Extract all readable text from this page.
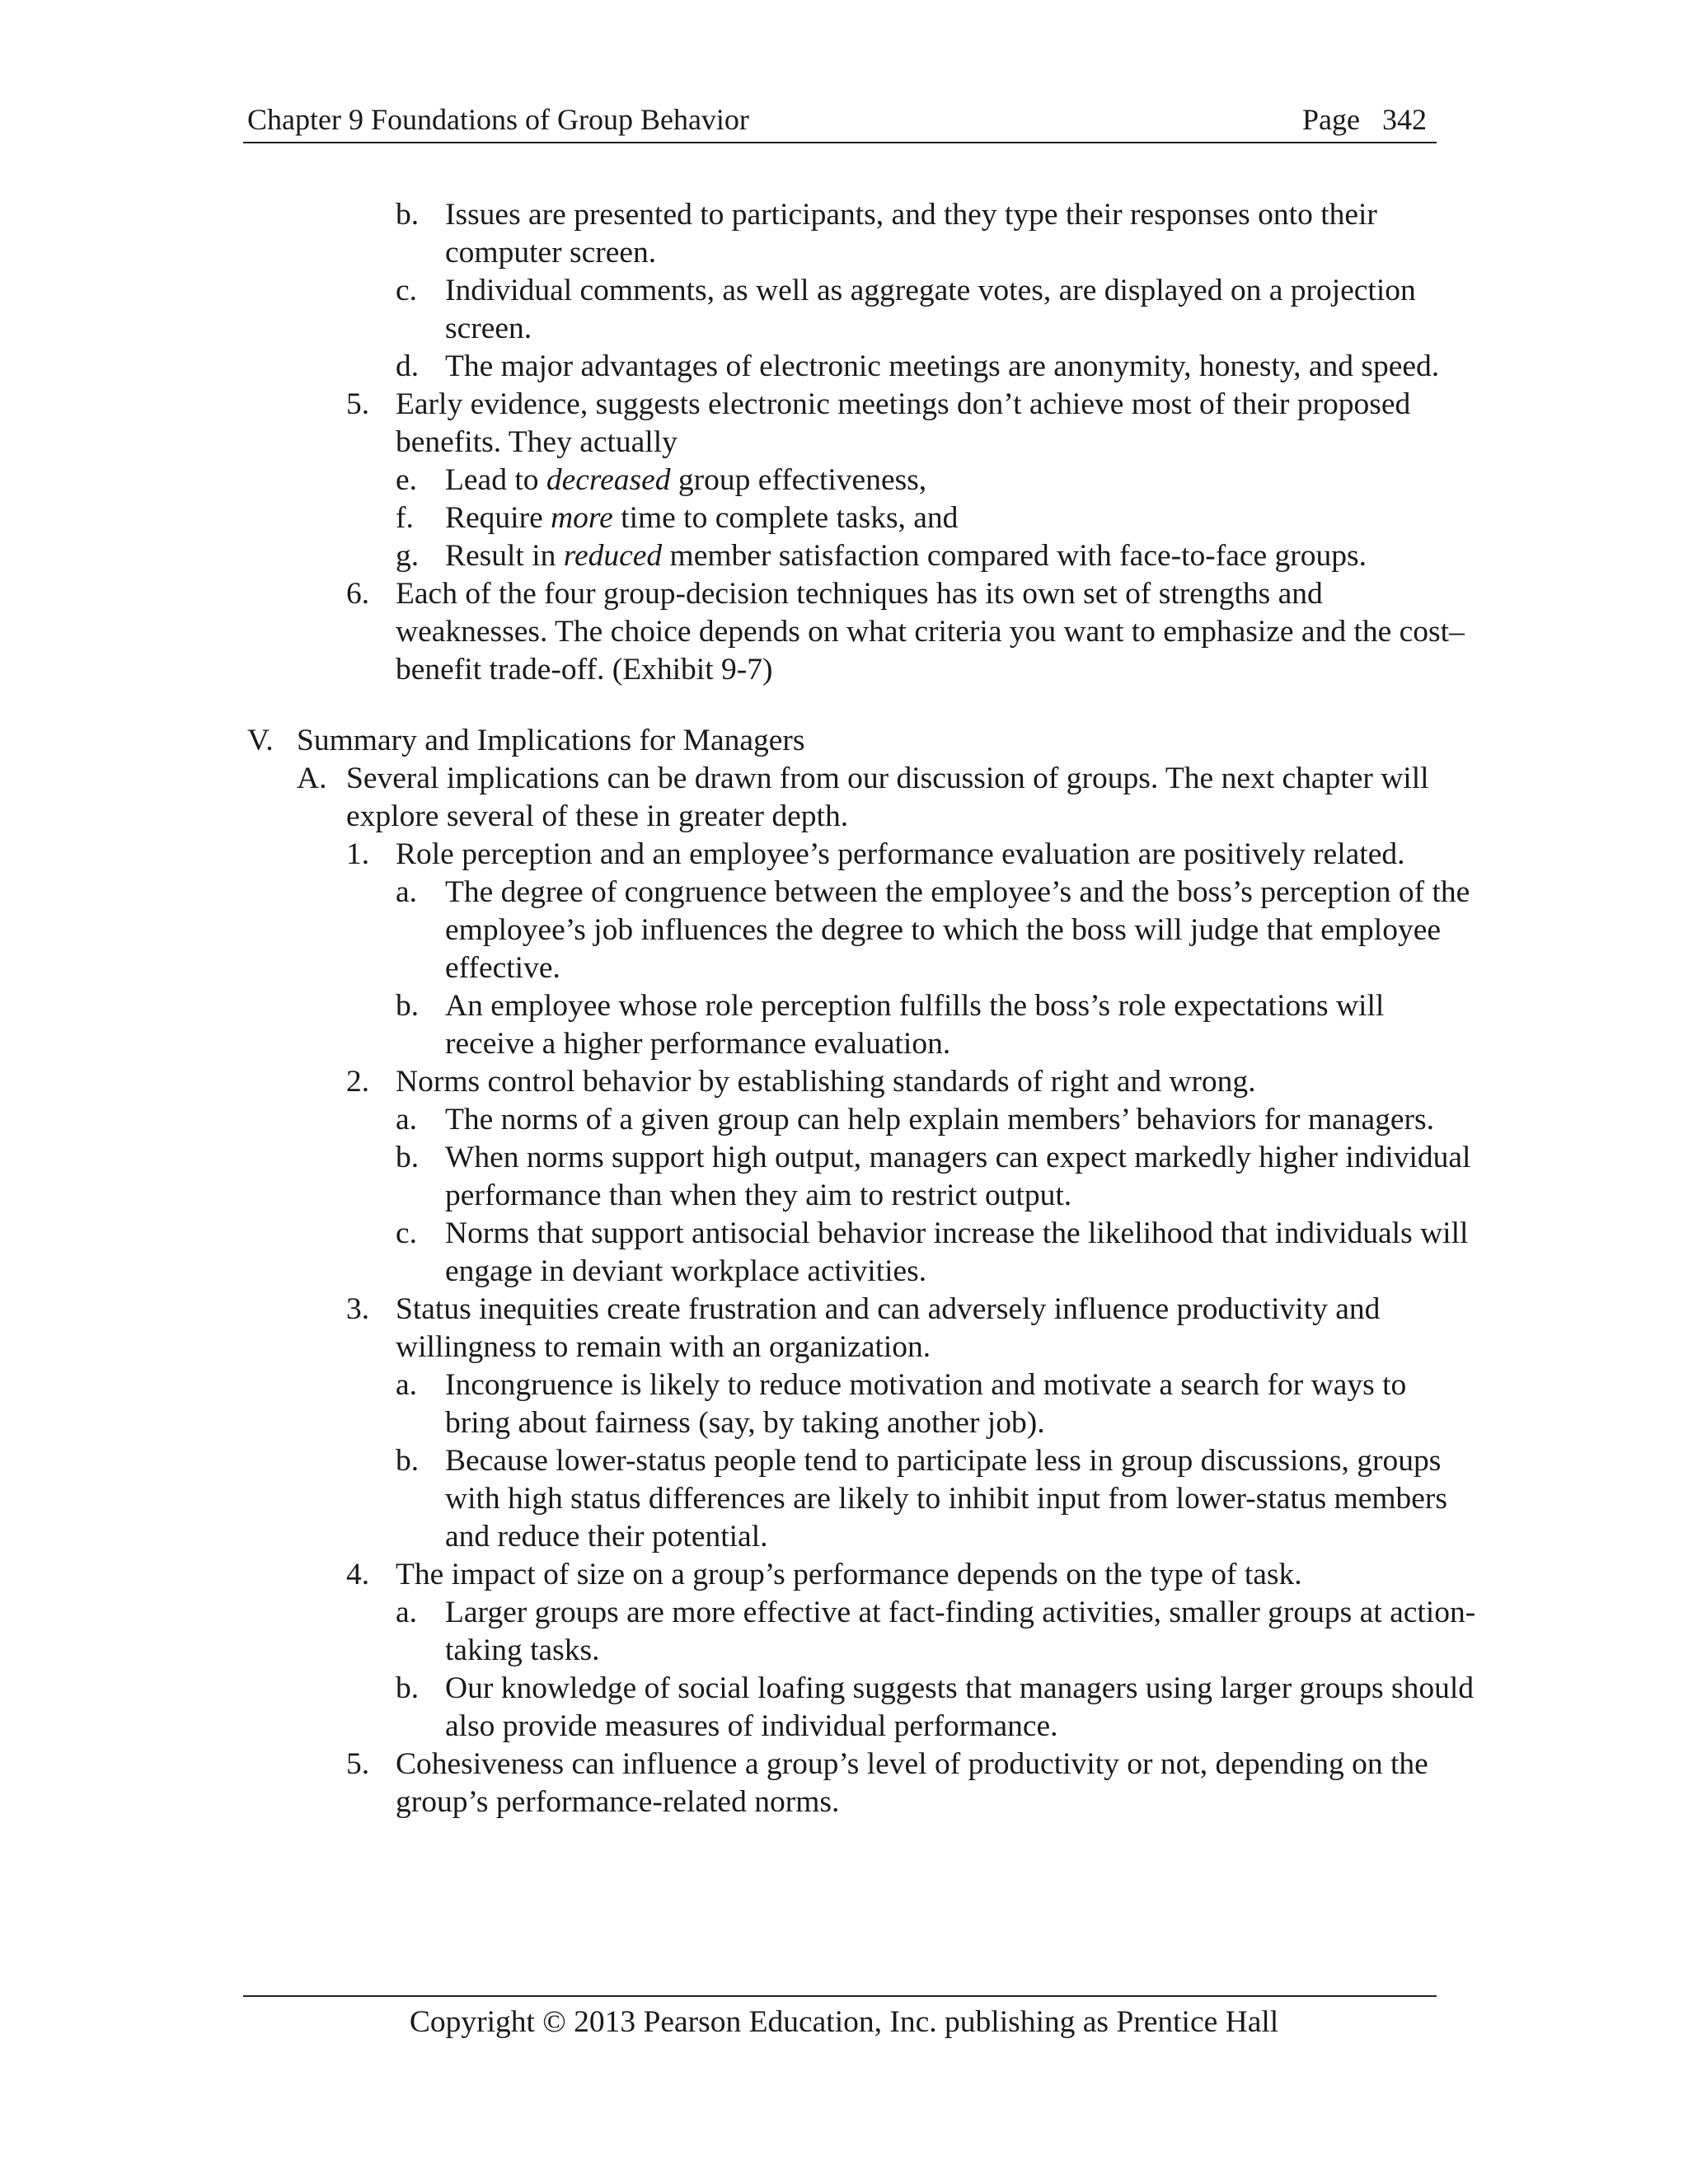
Chapter 9 Foundations of Group Behavior	Page   342
b. Issues are presented to participants, and they type their responses onto their computer screen.
c. Individual comments, as well as aggregate votes, are displayed on a projection screen.
d. The major advantages of electronic meetings are anonymity, honesty, and speed.
5. Early evidence, suggests electronic meetings don’t achieve most of their proposed benefits. They actually
e. Lead to decreased group effectiveness,
f. Require more time to complete tasks, and
g. Result in reduced member satisfaction compared with face-to-face groups.
6. Each of the four group-decision techniques has its own set of strengths and weaknesses. The choice depends on what criteria you want to emphasize and the cost–benefit trade-off. (Exhibit 9-7)
V. Summary and Implications for Managers
A. Several implications can be drawn from our discussion of groups. The next chapter will explore several of these in greater depth.
1. Role perception and an employee’s performance evaluation are positively related.
a. The degree of congruence between the employee’s and the boss’s perception of the employee’s job influences the degree to which the boss will judge that employee effective.
b. An employee whose role perception fulfills the boss’s role expectations will receive a higher performance evaluation.
2. Norms control behavior by establishing standards of right and wrong.
a. The norms of a given group can help explain members’ behaviors for managers.
b. When norms support high output, managers can expect markedly higher individual performance than when they aim to restrict output.
c. Norms that support antisocial behavior increase the likelihood that individuals will engage in deviant workplace activities.
3. Status inequities create frustration and can adversely influence productivity and willingness to remain with an organization.
a. Incongruence is likely to reduce motivation and motivate a search for ways to bring about fairness (say, by taking another job).
b. Because lower-status people tend to participate less in group discussions, groups with high status differences are likely to inhibit input from lower-status members and reduce their potential.
4. The impact of size on a group’s performance depends on the type of task.
a. Larger groups are more effective at fact-finding activities, smaller groups at action-taking tasks.
b. Our knowledge of social loafing suggests that managers using larger groups should also provide measures of individual performance.
5. Cohesiveness can influence a group’s level of productivity or not, depending on the group’s performance-related norms.
Copyright © 2013 Pearson Education, Inc. publishing as Prentice Hall
